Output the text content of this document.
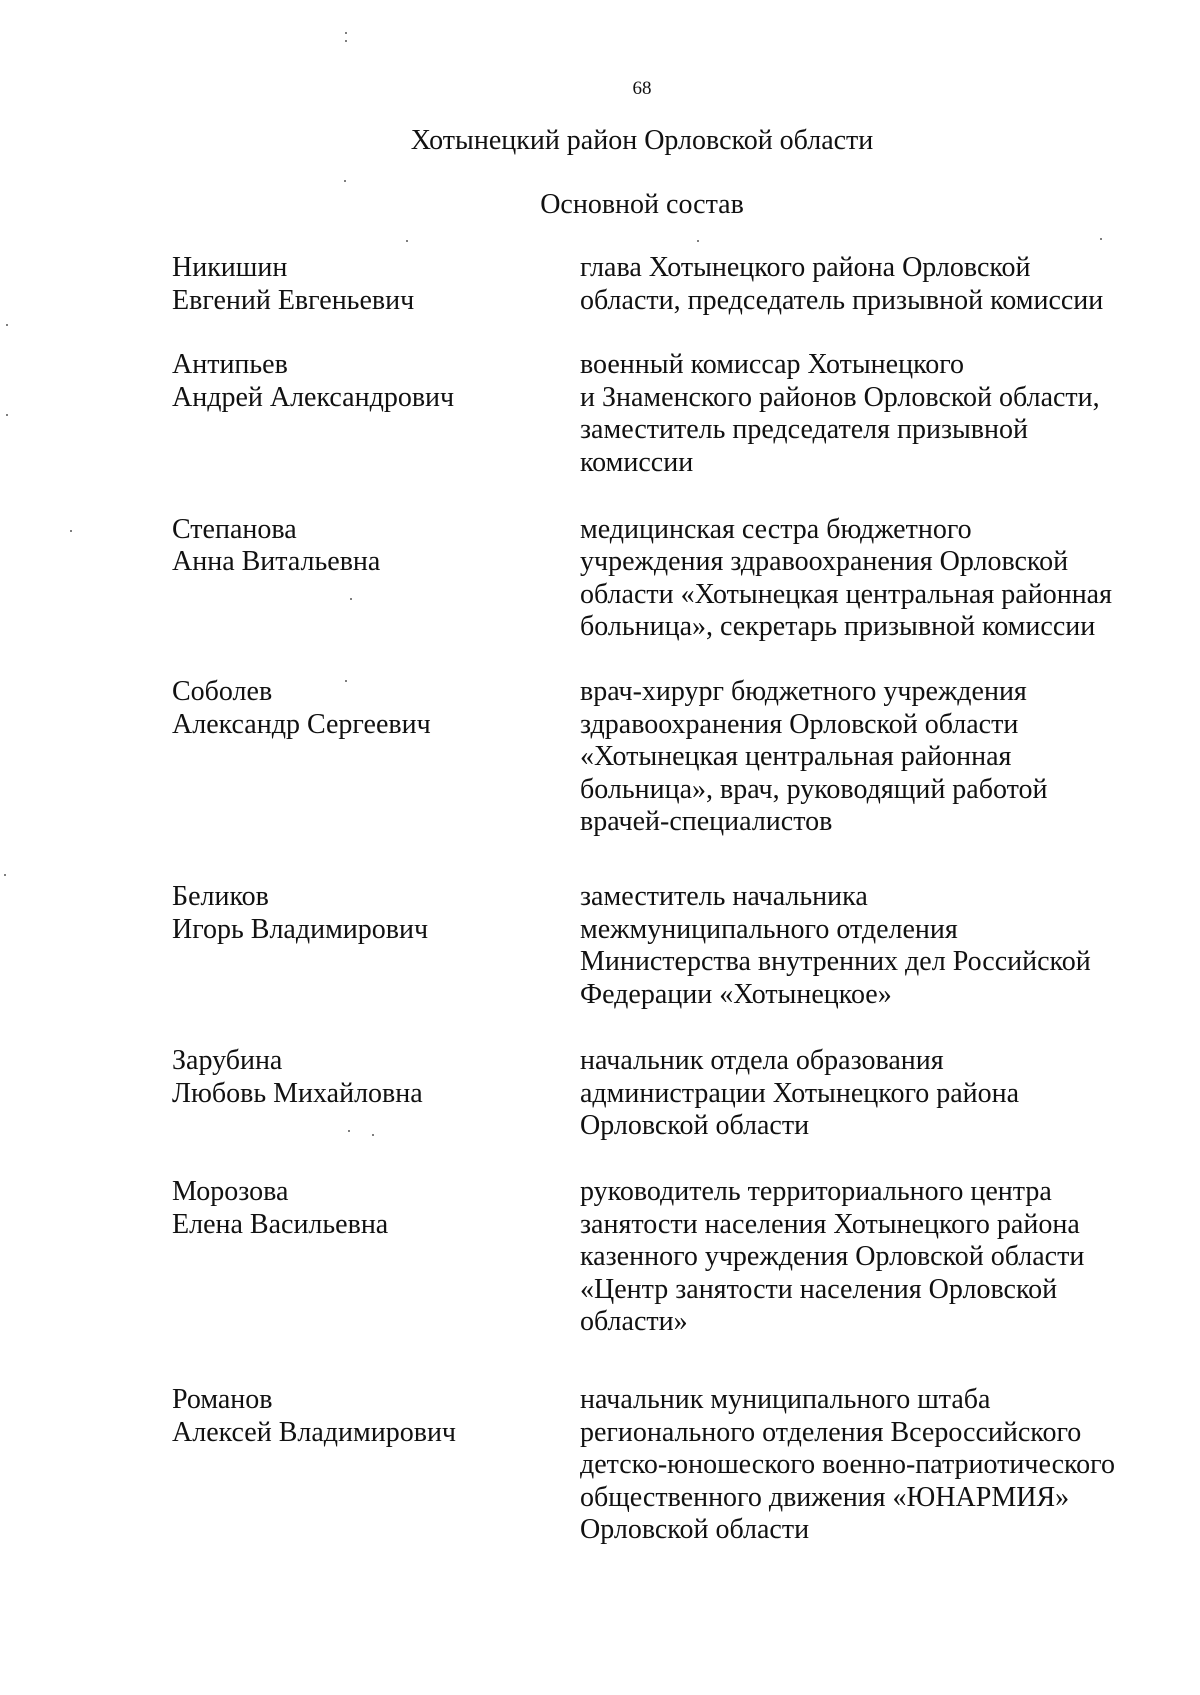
68
Хотынецкий район Орловской области
Основной состав
Никишин
Евгений Евгеньевич
глава Хотынецкого района Орловской
области, председатель призывной комиссии
Антипьев
Андрей Александрович
военный комиссар Хотынецкого
и Знаменского районов Орловской области,
заместитель председателя призывной
комиссии
Степанова
Анна Витальевна
медицинская сестра бюджетного
учреждения здравоохранения Орловской
области «Хотынецкая центральная районная
больница», секретарь призывной комиссии
Соболев
Александр Сергеевич
врач-хирург бюджетного учреждения
здравоохранения Орловской области
«Хотынецкая центральная районная
больница», врач, руководящий работой
врачей-специалистов
Беликов
Игорь Владимирович
заместитель начальника
межмуниципального отделения
Министерства внутренних дел Российской
Федерации «Хотынецкое»
Зарубина
Любовь Михайловна
начальник отдела образования
администрации Хотынецкого района
Орловской области
Морозова
Елена Васильевна
руководитель территориального центра
занятости населения Хотынецкого района
казенного учреждения Орловской области
«Центр занятости населения Орловской
области»
Романов
Алексей Владимирович
начальник муниципального штаба
регионального отделения Всероссийского
детско-юношеского военно-патриотического
общественного движения «ЮНАРМИЯ»
Орловской области
